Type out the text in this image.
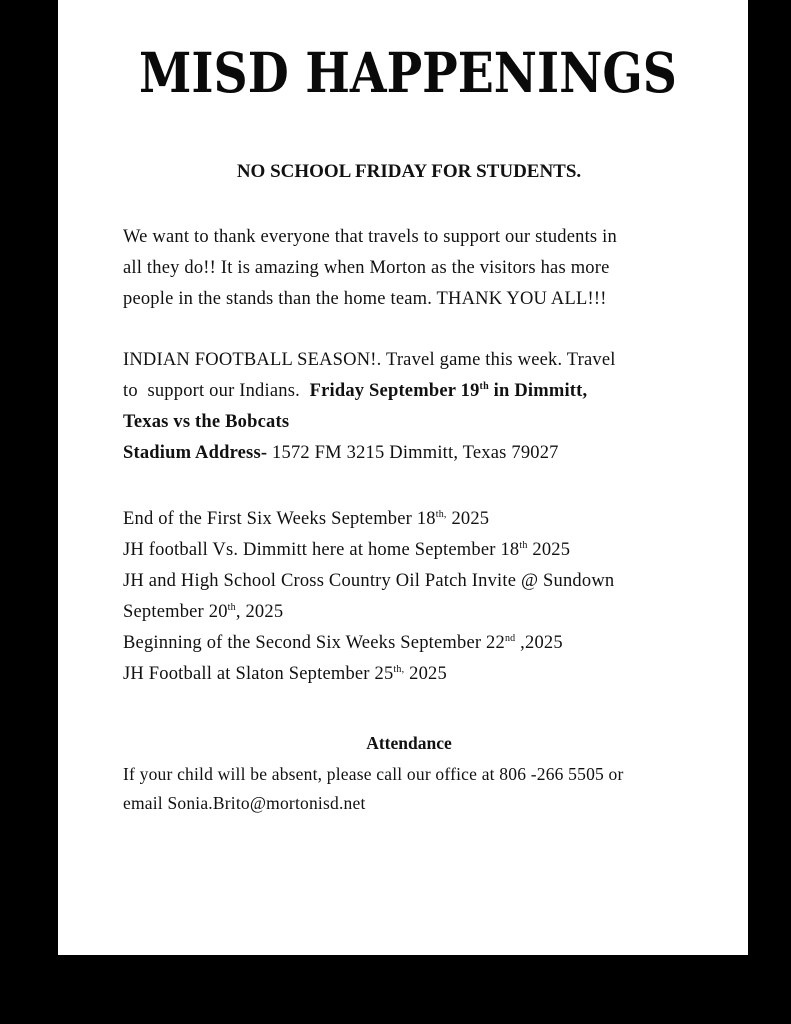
MISD HAPPENINGS

NO SCHOOL FRIDAY FOR STUDENTS.

We want to thank everyone that travels to support our students in
all they do!! It is amazing when Morton as the visitors has more
people in the stands than the home team. THANK YOU ALL!!!

INDIAN FOOTBALL SEASON!. Travel game this week. Travel
to  support our Indians.  Friday September 19th in Dimmitt,
Texas vs the Bobcats
Stadium Address- 1572 FM 3215 Dimmitt, Texas 79027

End of the First Six Weeks September $18^{th,}$ 2025
JH football Vs. Dimmitt here at home September 18th 2025
JH and High School Cross Country Oil Patch Invite @ Sundown
September 20th, 2025
Beginning of the Second Six Weeks September 22nd ,2025
JH Football at Slaton September $25^{th,}$ 2025

Attendance

If your child will be absent, please call our office at 806 -266 5505 or
email Sonia.Brito@mortonisd.net
